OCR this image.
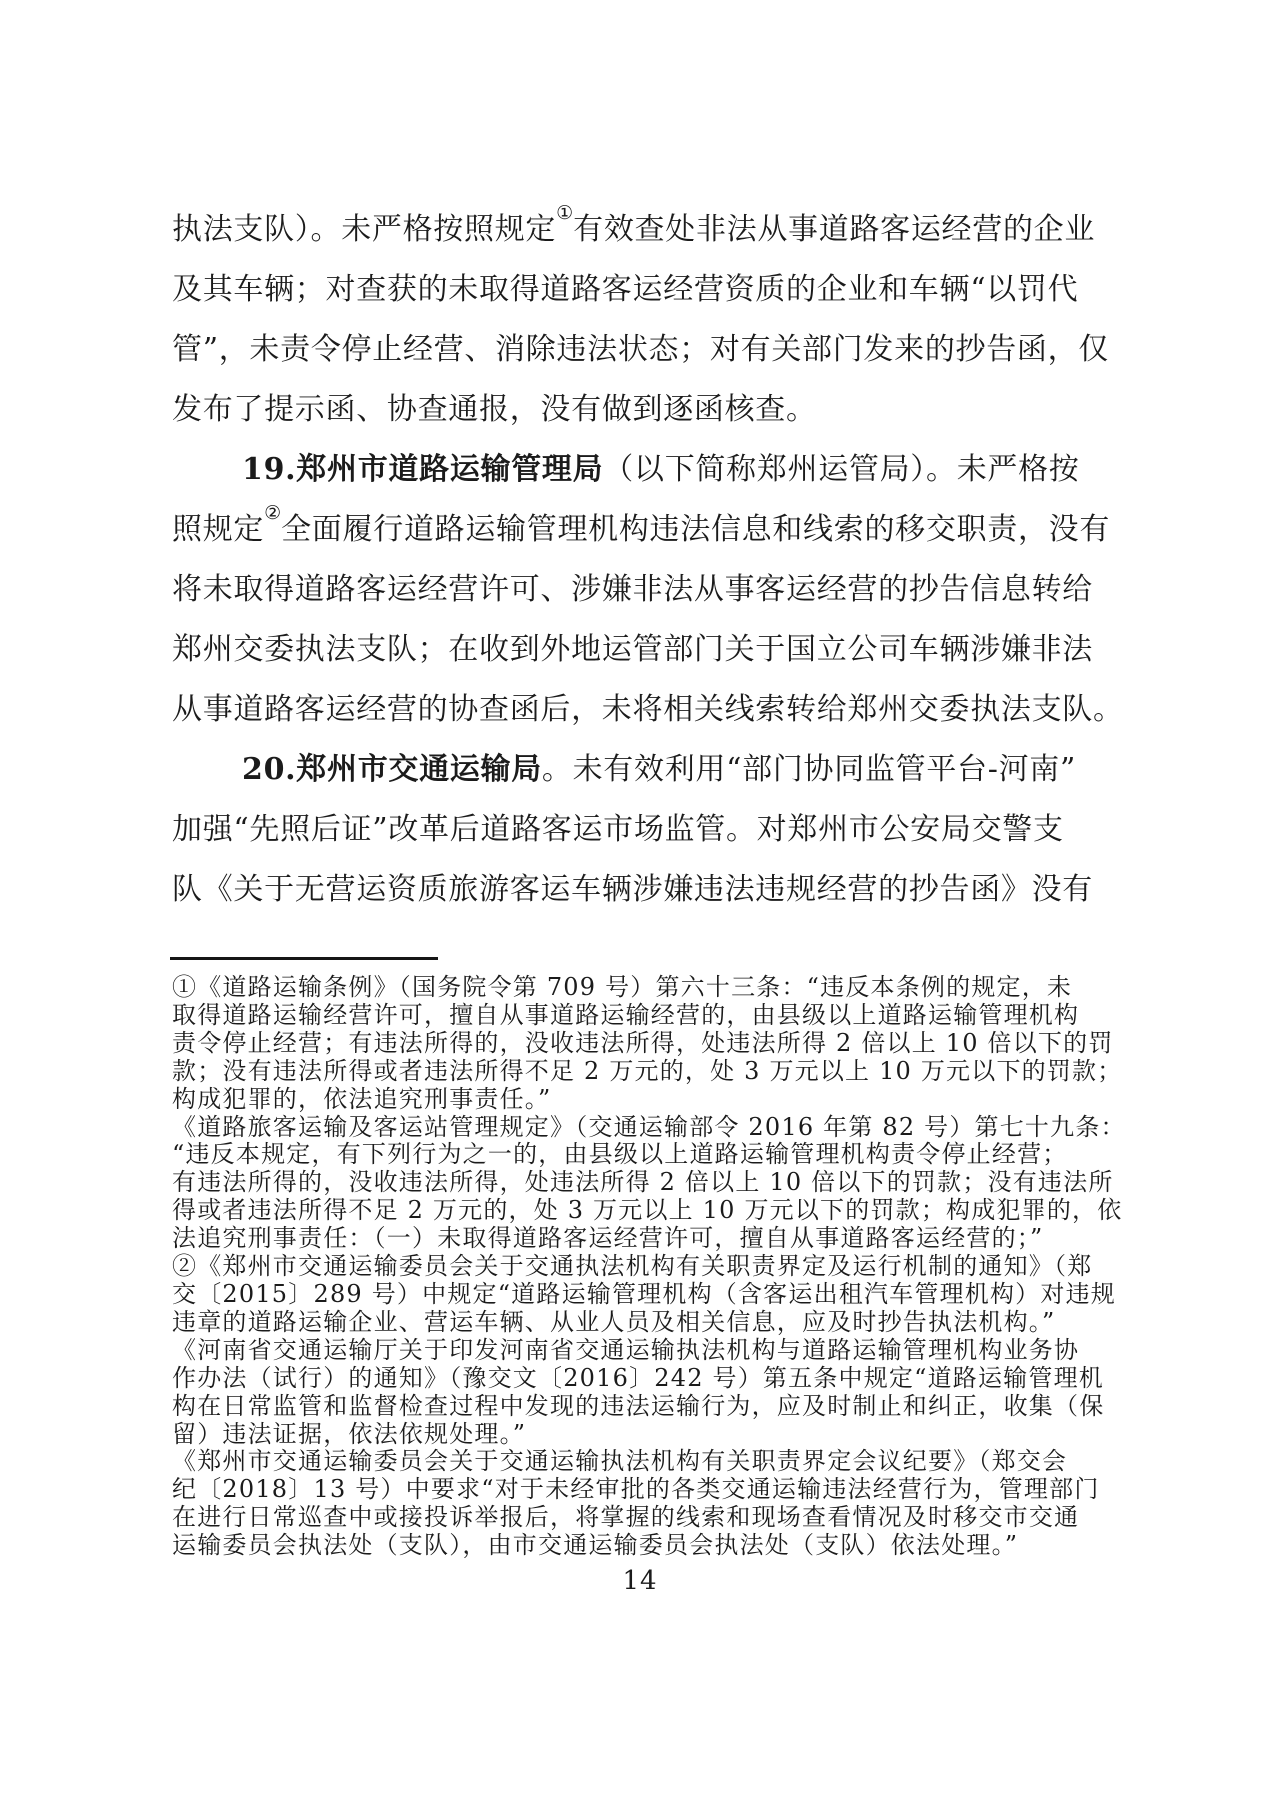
执法支队）。未严格按照规定①有效查处非法从事道路客运经营的企业
及其车辆；对查获的未取得道路客运经营资质的企业和车辆“以罚代
管”，未责令停止经营、消除违法状态；对有关部门发来的抄告函，仅
发布了提示函、协查通报，没有做到逐函核查。
19.郑州市道路运输管理局（以下简称郑州运管局）。未严格按
照规定②全面履行道路运输管理机构违法信息和线索的移交职责，没有
将未取得道路客运经营许可、涉嫌非法从事客运经营的抄告信息转给
郑州交委执法支队；在收到外地运管部门关于国立公司车辆涉嫌非法
从事道路客运经营的协查函后，未将相关线索转给郑州交委执法支队。
20.郑州市交通运输局。未有效利用“部门协同监管平台-河南”
加强“先照后证”改革后道路客运市场监管。对郑州市公安局交警支
队《关于无营运资质旅游客运车辆涉嫌违法违规经营的抄告函》没有
①《道路运输条例》（国务院令第 709 号）第六十三条：“违反本条例的规定，未
取得道路运输经营许可，擅自从事道路运输经营的，由县级以上道路运输管理机构
责令停止经营；有违法所得的，没收违法所得，处违法所得 2 倍以上 10 倍以下的罚
款；没有违法所得或者违法所得不足 2 万元的，处 3 万元以上 10 万元以下的罚款；
构成犯罪的，依法追究刑事责任。”
《道路旅客运输及客运站管理规定》（交通运输部令 2016 年第 82 号）第七十九条：
“违反本规定，有下列行为之一的，由县级以上道路运输管理机构责令停止经营；
有违法所得的，没收违法所得，处违法所得 2 倍以上 10 倍以下的罚款；没有违法所
得或者违法所得不足 2 万元的，处 3 万元以上 10 万元以下的罚款；构成犯罪的，依
法追究刑事责任：（一）未取得道路客运经营许可，擅自从事道路客运经营的；”
②《郑州市交通运输委员会关于交通执法机构有关职责界定及运行机制的通知》（郑
交〔2015〕289 号）中规定“道路运输管理机构（含客运出租汽车管理机构）对违规
违章的道路运输企业、营运车辆、从业人员及相关信息，应及时抄告执法机构。”
《河南省交通运输厅关于印发河南省交通运输执法机构与道路运输管理机构业务协
作办法（试行）的通知》（豫交文〔2016〕242 号）第五条中规定“道路运输管理机
构在日常监管和监督检查过程中发现的违法运输行为，应及时制止和纠正，收集（保
留）违法证据，依法依规处理。”
《郑州市交通运输委员会关于交通运输执法机构有关职责界定会议纪要》（郑交会
纪〔2018〕13 号）中要求“对于未经审批的各类交通运输违法经营行为，管理部门
在进行日常巡查中或接投诉举报后，将掌握的线索和现场查看情况及时移交市交通
运输委员会执法处（支队），由市交通运输委员会执法处（支队）依法处理。”
14
